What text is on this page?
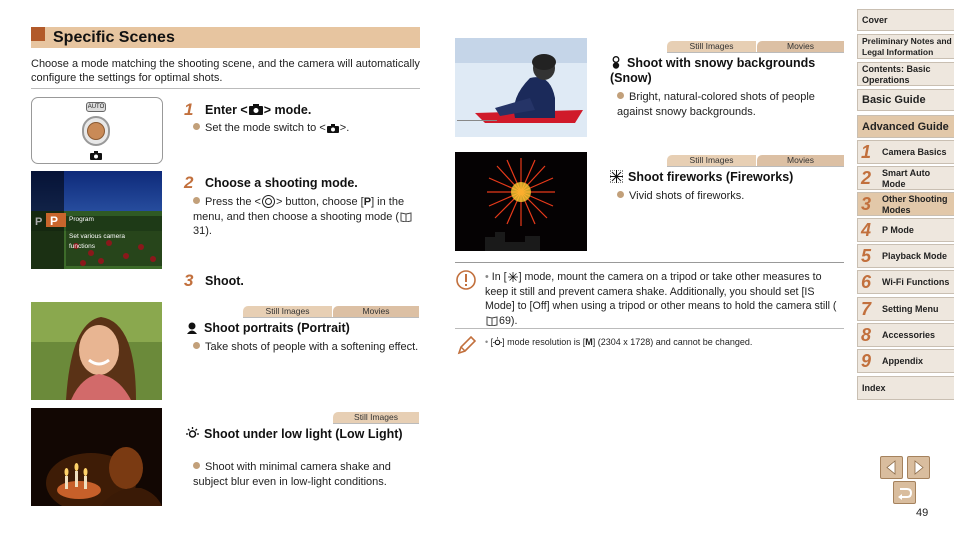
Specific Scenes
Choose a mode matching the shooting scene, and the camera will automatically configure the settings for optimal shots.
AUTO	1 Enter < > mode.
Set the mode switch to < >.
P
P	Program
Set various camera
functions
2 Choose a shooting mode.
Press the < > button, choose [P] in the menu, and then choose a shooting mode (31).
3 Shoot.
Still Images	Movies
Shoot portraits (Portrait)
Take shots of people with a softening effect.
Still Images
Shoot under low light (Low Light)
Shoot with minimal camera shake and subject blur even in low-light conditions.
Still Images	Movies
Shoot with snowy backgrounds (Snow)
Bright, natural-colored shots of people against snowy backgrounds.
Still Images	Movies
Shoot fireworks (Fireworks)
Vivid shots of fireworks.
• In [ ] mode, mount the camera on a tripod or take other measures to keep it still and prevent camera shake. Additionally, you should set [IS Mode] to [Off] when using a tripod or other means to hold the camera still (69).
• [ ] mode resolution is [M] (2304 x 1728) and cannot be changed.
Cover
Preliminary Notes and Legal Information
Contents: Basic Operations
Basic Guide
Advanced Guide
1 Camera Basics
2 Smart Auto Mode
3 Other Shooting Modes
4 P Mode
5 Playback Mode
6 Wi-Fi Functions
7 Setting Menu
8 Accessories
9 Appendix
Index
49
